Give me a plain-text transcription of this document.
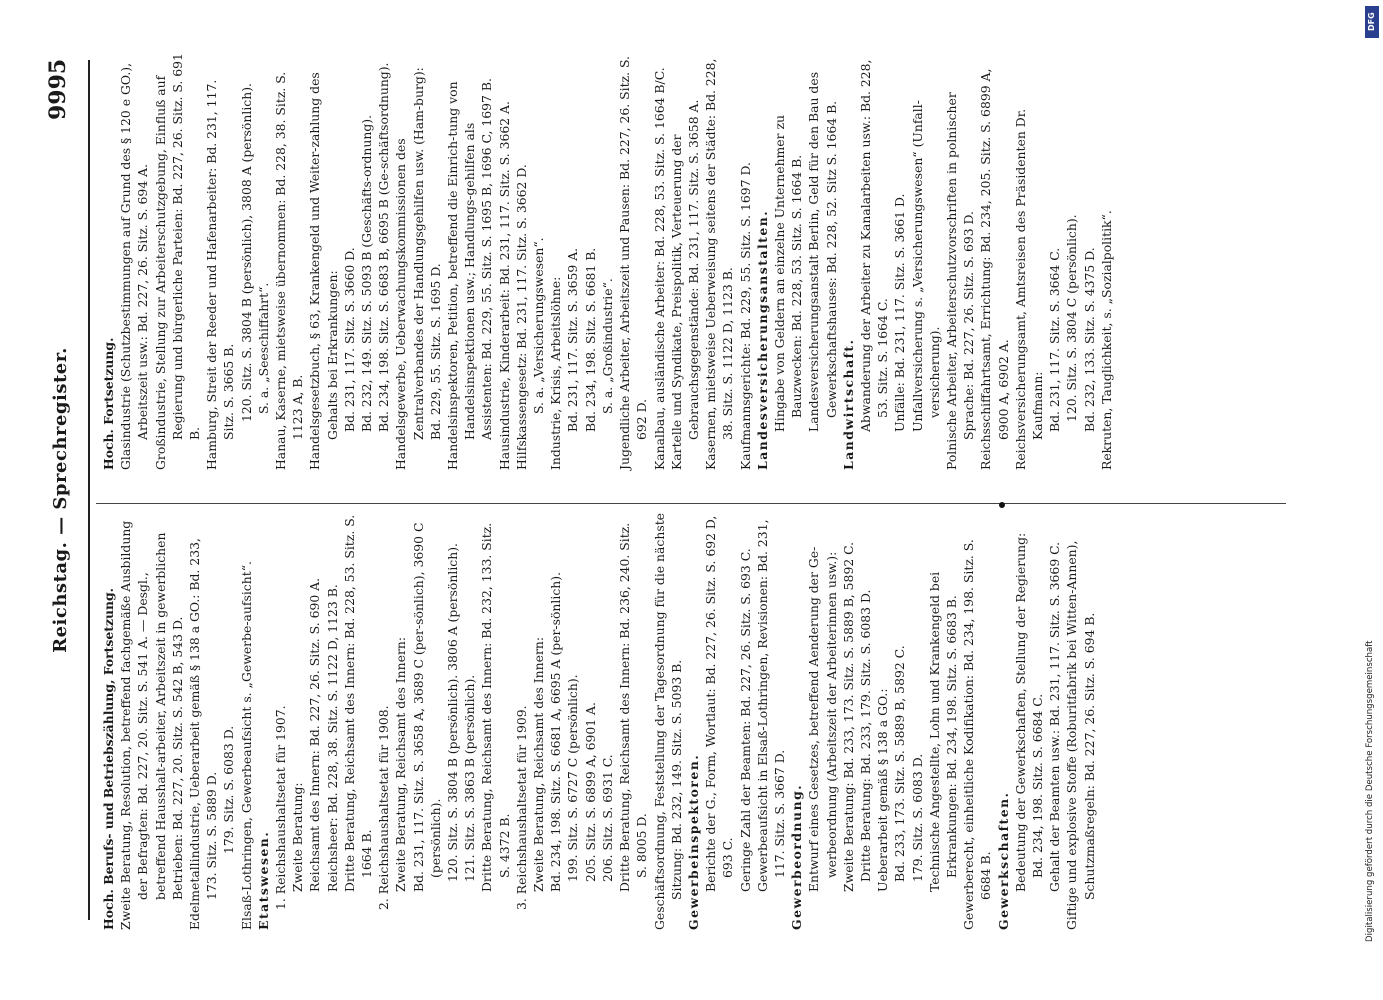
9995
Reichstag. — Sprechregister.

Hoch. Berufs- und Betriebszählung, Fortsetzung. Zweite Beratung, Resolution, betreffend fachgemäße Ausbildung der Befragten: Bd. 227, 20. Sitz. S. 541 A. — Desgl., betreffend Hausshalt-arbeiter, Arbeitszeit in gewerblichen Betrieben: Bd. 227, 20. Sitz. S. 542 B, 543 D. Edelmetallindustrie, Ueberarbeit gemäß § 138 a GO.: Bd. 233, 173. Sitz. S. 5889 D. 179. Sitz. S. 6083 D. Elsaß-Lothringen, Gewerbeaufsicht s. „Gewerbe-aufsicht“. Etatswesen. 1. Reichshaushaltsetat für 1907. Zweite Beratung: Reichsamt des Innern: Bd. 227, 26. Sitz. S. 690 A. Reichsheer: Bd. 228, 38. Sitz. S. 1122 D, 1123 B. Dritte Beratung, Reichsamt des Innern: Bd. 228, 53. Sitz. S. 1664 B. 2. Reichshaushaltsetat für 1908. Zweite Beratung, Reichsamt des Innern: Bd. 231, 117. Sitz. S. 3658 A, 3689 C (per-sönlich), 3690 C (persönlich). 120. Sitz. S. 3804 B (persönlich). 3806 A (persönlich). 121. Sitz. S. 3863 B (persönlich). Dritte Beratung, Reichsamt des Innern: Bd. 232, 133. Sitz. S. 4372 B. 3. Reichshaushaltsetat für 1909. Zweite Beratung, Reichsamt des Innern: Bd. 234, 198. Sitz. S. 6681 A, 6695 A (per-sönlich). 199. Sitz. S. 6727 C (persönlich). 205. Sitz. S. 6899 A, 6901 A. 206. Sitz. S. 6931 C. Dritte Beratung, Reichsamt des Innern: Bd. 236, 240. Sitz. S. 8005 D. Geschäftsordnung, Feststellung der Tagesordnung für die nächste Sitzung: Bd. 232, 149. Sitz. S. 5093 B. Gewerbeinspektoren. Berichte der G., Form, Wortlaut: Bd. 227, 26. Sitz. S. 692 D, 693 C. Geringe Zahl der Beamten: Bd. 227, 26. Sitz. S. 693 C. Gewerbeaufsicht in Elsaß-Lothringen, Revisionen: Bd. 231, 117. Sitz. S. 3667 D. Gewerbeordnung. Entwurf eines Gesetzes, betreffend Aenderung der Ge-werbeordnung (Arbeitszeit der Arbeiterinnen usw.): Zweite Beratung: Bd. 233, 173. Sitz. S. 5889 B, 5892 C. Dritte Beratung: Bd. 233, 179. Sitz. S. 6083 D. Ueberarbeit gemäß § 138 a GO.: Bd. 233, 173. Sitz. S. 5889 B, 5892 C. 179. Sitz. S. 6083 D. Technische Angestellte, Lohn und Krankengeld bei Erkrankungen: Bd. 234, 198. Sitz. S. 6683 B. Gewerberecht, einheitliche Kodifikation: Bd. 234, 198. Sitz. S. 6684 B. Gewerkschaften. Bedeutung der Gewerkschaften, Stellung der Regierung: Bd. 234, 198. Sitz. S. 6684 C. Gehalt der Beamten usw.: Bd. 231, 117. Sitz. S. 3669 C. Giftige und explosive Stoffe (Roburitfabrik bei Witten-Annen), Schutzmaßregeln: Bd. 227, 26. Sitz. S. 694 B.

Hoch. Fortsetzung. Glasindustrie (Schutzbestimmungen auf Grund des § 120 e GO.), Arbeitszeit usw.: Bd. 227, 26. Sitz. S. 694 A. Großindustrie, Stellung zur Arbeiterschutzgebung, Einfluß auf Regierung und bürgerliche Parteien: Bd. 227, 26. Sitz. S. 691 B. Hamburg, Streit der Reeder und Hafenarbeiter: Bd. 231, 117. Sitz. S. 3665 B. 120. Sitz. S. 3804 B (persönlich), 3808 A (persönlich). S. a. „Seeschiffahrt“. Hanau, Kaserne, mietsweise übernommen: Bd. 228, 38. Sitz. S. 1123 A, B. Handelsgesetzbuch, § 63, Krankengeld und Weiter-zahlung des Gehalts bei Erkrankungen: Bd. 231, 117. Sitz. S. 3660 D. Bd. 232, 149. Sitz. S. 5093 B (Geschäfts-ordnung). Bd. 234, 198. Sitz. S. 6683 B, 6695 B (Ge-schäftsordnung). Handelsgewerbe, Ueberwachungskommissionen des Zentralverbandes der Handlungsgehilfen usw. (Ham-burg): Bd. 229, 55. Sitz. S. 1695 D. Handelsinspektoren, Petition, betreffend die Einrich-tung von Handelsinspektionen usw.; Handlungs-gehilfen als Assistenten: Bd. 229, 55. Sitz. S. 1695 B, 1696 C, 1697 B. Hausindustrie, Kinderarbeit: Bd. 231, 117. Sitz. S. 3662 A. Hilfskassengesetz: Bd. 231, 117. Sitz. S. 3662 D. S. a. „Versicherungswesen“. Industrie, Krisis, Arbeitslöhne: Bd. 231, 117. Sitz. S. 3659 A. Bd. 234, 198. Sitz. S. 6681 B. S. a. „Großindustrie“. Jugendliche Arbeiter, Arbeitszeit und Pausen: Bd. 227, 26. Sitz. S. 692 D. Kanalbau, ausländische Arbeiter: Bd. 228, 53. Sitz. S. 1664 B/C. Kartelle und Syndikate, Preispolitik, Verteuerung der Gebrauchsgegenstände: Bd. 231, 117. Sitz. S. 3658 A. Kasernen, mietsweise Ueberweisung seitens der Städte: Bd. 228, 38. Sitz. S. 1122 D, 1123 B. Kaufmannsgerichte: Bd. 229, 55. Sitz. S. 1697 D. Landesversicherungsanstalten. Hingabe von Geldern an einzelne Unternehmer zu Bauzwecken: Bd. 228, 53. Sitz. S. 1664 B. Landesversicherungsanstalt Berlin, Geld für den Bau des Gewerkschaftshauses: Bd. 228, 52. Sitz S. 1664 B. Landwirtschaft. Abwanderung der Arbeiter zu Kanalarbeiten usw.: Bd. 228, 53. Sitz. S. 1664 C. Unfälle: Bd. 231, 117. Sitz. S. 3661 D. Unfallversicherung s. „Versicherungswesen“ (Unfall-versicherung). Polnische Arbeiter, Arbeiterschutzvorschriften in polnischer Sprache: Bd. 227, 26. Sitz. S. 693 D. Reichsschiffahrtsamt, Errichtung: Bd. 234, 205. Sitz. S. 6899 A, 6900 A, 6902 A. Reichsversicherungsamt, Amtsreisen des Präsidenten Dr. Kaufmann: Bd. 231, 117. Sitz. S. 3664 C. 120. Sitz. S. 3804 C (persönlich). Bd. 232, 133. Sitz. S. 4375 D. Rekruten, Tauglichkeit, s. „Sozialpolitik“.

DFG
Digitalisierung gefördert durch die Deutsche Forschungsgemeinschaft
